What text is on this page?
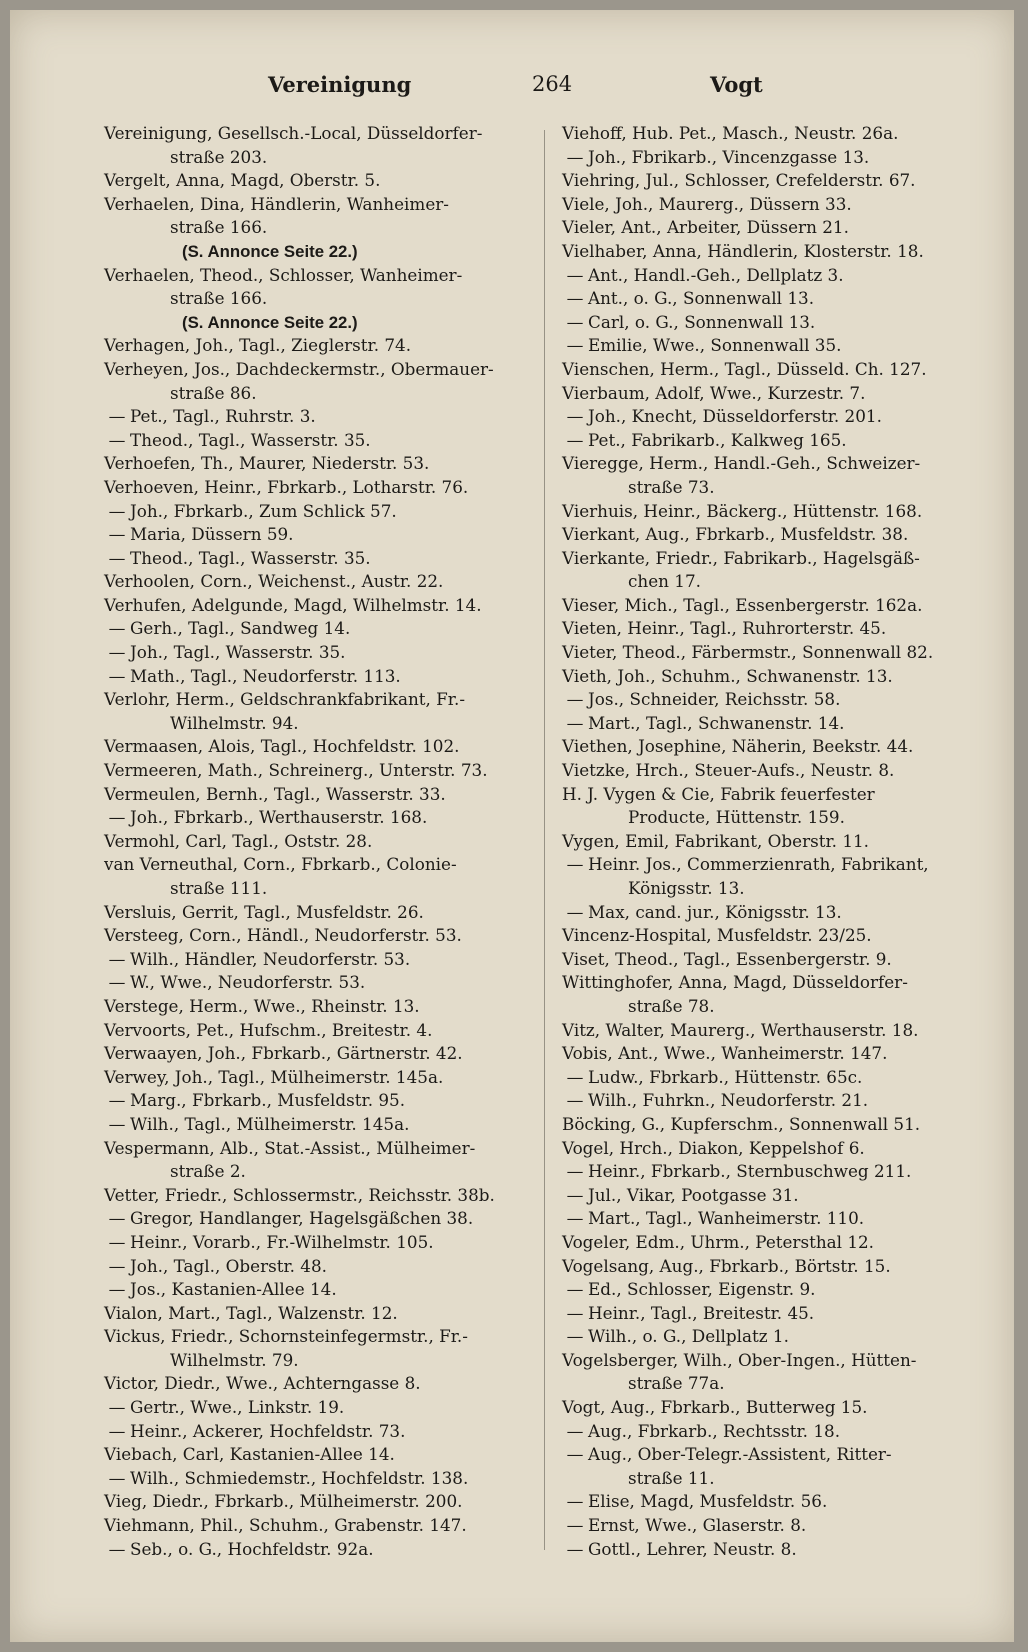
Vereinigung	264	Vogt
Vereinigung, Gesellsch.-Local, Düsseldorfer-
straße 203.
Vergelt, Anna, Magd, Oberstr. 5.
Verhaelen, Dina, Händlerin, Wanheimer-
straße 166.
(S. Annonce Seite 22.)
Verhaelen, Theod., Schlosser, Wanheimer-
straße 166.
(S. Annonce Seite 22.)
Verhagen, Joh., Tagl., Zieglerstr. 74.
Verheyen, Jos., Dachdeckermstr., Obermauer-
straße 86.
— Pet., Tagl., Ruhrstr. 3.
— Theod., Tagl., Wasserstr. 35.
Verhoefen, Th., Maurer, Niederstr. 53.
Verhoeven, Heinr., Fbrkarb., Lotharstr. 76.
— Joh., Fbrkarb., Zum Schlick 57.
— Maria, Düssern 59.
— Theod., Tagl., Wasserstr. 35.
Verhoolen, Corn., Weichenst., Austr. 22.
Verhufen, Adelgunde, Magd, Wilhelmstr. 14.
— Gerh., Tagl., Sandweg 14.
— Joh., Tagl., Wasserstr. 35.
— Math., Tagl., Neudorferstr. 113.
Verlohr, Herm., Geldschrankfabrikant, Fr.-
Wilhelmstr. 94.
Vermaasen, Alois, Tagl., Hochfeldstr. 102.
Vermeeren, Math., Schreinerg., Unterstr. 73.
Vermeulen, Bernh., Tagl., Wasserstr. 33.
— Joh., Fbrkarb., Werthauserstr. 168.
Vermohl, Carl, Tagl., Oststr. 28.
van Verneuthal, Corn., Fbrkarb., Colonie-
straße 111.
Versluis, Gerrit, Tagl., Musfeldstr. 26.
Versteeg, Corn., Händl., Neudorferstr. 53.
— Wilh., Händler, Neudorferstr. 53.
— W., Wwe., Neudorferstr. 53.
Verstege, Herm., Wwe., Rheinstr. 13.
Vervoorts, Pet., Hufschm., Breitestr. 4.
Verwaayen, Joh., Fbrkarb., Gärtnerstr. 42.
Verwey, Joh., Tagl., Mülheimerstr. 145a.
— Marg., Fbrkarb., Musfeldstr. 95.
— Wilh., Tagl., Mülheimerstr. 145a.
Vespermann, Alb., Stat.-Assist., Mülheimer-
straße 2.
Vetter, Friedr., Schlossermstr., Reichsstr. 38b.
— Gregor, Handlanger, Hagelsgäßchen 38.
— Heinr., Vorarb., Fr.-Wilhelmstr. 105.
— Joh., Tagl., Oberstr. 48.
— Jos., Kastanien-Allee 14.
Vialon, Mart., Tagl., Walzenstr. 12.
Vickus, Friedr., Schornsteinfegermstr., Fr.-
Wilhelmstr. 79.
Victor, Diedr., Wwe., Achterngasse 8.
— Gertr., Wwe., Linkstr. 19.
— Heinr., Ackerer, Hochfeldstr. 73.
Viebach, Carl, Kastanien-Allee 14.
— Wilh., Schmiedemstr., Hochfeldstr. 138.
Vieg, Diedr., Fbrkarb., Mülheimerstr. 200.
Viehmann, Phil., Schuhm., Grabenstr. 147.
— Seb., o. G., Hochfeldstr. 92a.
Viehoff, Hub. Pet., Masch., Neustr. 26a.
— Joh., Fbrikarb., Vincenzgasse 13.
Viehring, Jul., Schlosser, Crefelderstr. 67.
Viele, Joh., Maurerg., Düssern 33.
Vieler, Ant., Arbeiter, Düssern 21.
Vielhaber, Anna, Händlerin, Klosterstr. 18.
— Ant., Handl.-Geh., Dellplatz 3.
— Ant., o. G., Sonnenwall 13.
— Carl, o. G., Sonnenwall 13.
— Emilie, Wwe., Sonnenwall 35.
Vienschen, Herm., Tagl., Düsseld. Ch. 127.
Vierbaum, Adolf, Wwe., Kurzestr. 7.
— Joh., Knecht, Düsseldorferstr. 201.
— Pet., Fabrikarb., Kalkweg 165.
Vieregge, Herm., Handl.-Geh., Schweizer-
straße 73.
Vierhuis, Heinr., Bäckerg., Hüttenstr. 168.
Vierkant, Aug., Fbrkarb., Musfeldstr. 38.
Vierkante, Friedr., Fabrikarb., Hagelsgäß-
chen 17.
Vieser, Mich., Tagl., Essenbergerstr. 162a.
Vieten, Heinr., Tagl., Ruhrorterstr. 45.
Vieter, Theod., Färbermstr., Sonnenwall 82.
Vieth, Joh., Schuhm., Schwanenstr. 13.
— Jos., Schneider, Reichsstr. 58.
— Mart., Tagl., Schwanenstr. 14.
Viethen, Josephine, Näherin, Beekstr. 44.
Vietzke, Hrch., Steuer-Aufs., Neustr. 8.
H. J. Vygen & Cie, Fabrik feuerfester
Producte, Hüttenstr. 159.
Vygen, Emil, Fabrikant, Oberstr. 11.
— Heinr. Jos., Commerzienrath, Fabrikant,
Königsstr. 13.
— Max, cand. jur., Königsstr. 13.
Vincenz-Hospital, Musfeldstr. 23/25.
Viset, Theod., Tagl., Essenbergerstr. 9.
Wittinghofer, Anna, Magd, Düsseldorfer-
straße 78.
Vitz, Walter, Maurerg., Werthauserstr. 18.
Vobis, Ant., Wwe., Wanheimerstr. 147.
— Ludw., Fbrkarb., Hüttenstr. 65c.
— Wilh., Fuhrkn., Neudorferstr. 21.
Böcking, G., Kupferschm., Sonnenwall 51.
Vogel, Hrch., Diakon, Keppelshof 6.
— Heinr., Fbrkarb., Sternbuschweg 211.
— Jul., Vikar, Pootgasse 31.
— Mart., Tagl., Wanheimerstr. 110.
Vogeler, Edm., Uhrm., Petersthal 12.
Vogelsang, Aug., Fbrkarb., Börtstr. 15.
— Ed., Schlosser, Eigenstr. 9.
— Heinr., Tagl., Breitestr. 45.
— Wilh., o. G., Dellplatz 1.
Vogelsberger, Wilh., Ober-Ingen., Hütten-
straße 77a.
Vogt, Aug., Fbrkarb., Butterweg 15.
— Aug., Fbrkarb., Rechtsstr. 18.
— Aug., Ober-Telegr.-Assistent, Ritter-
straße 11.
— Elise, Magd, Musfeldstr. 56.
— Ernst, Wwe., Glaserstr. 8.
— Gottl., Lehrer, Neustr. 8.
